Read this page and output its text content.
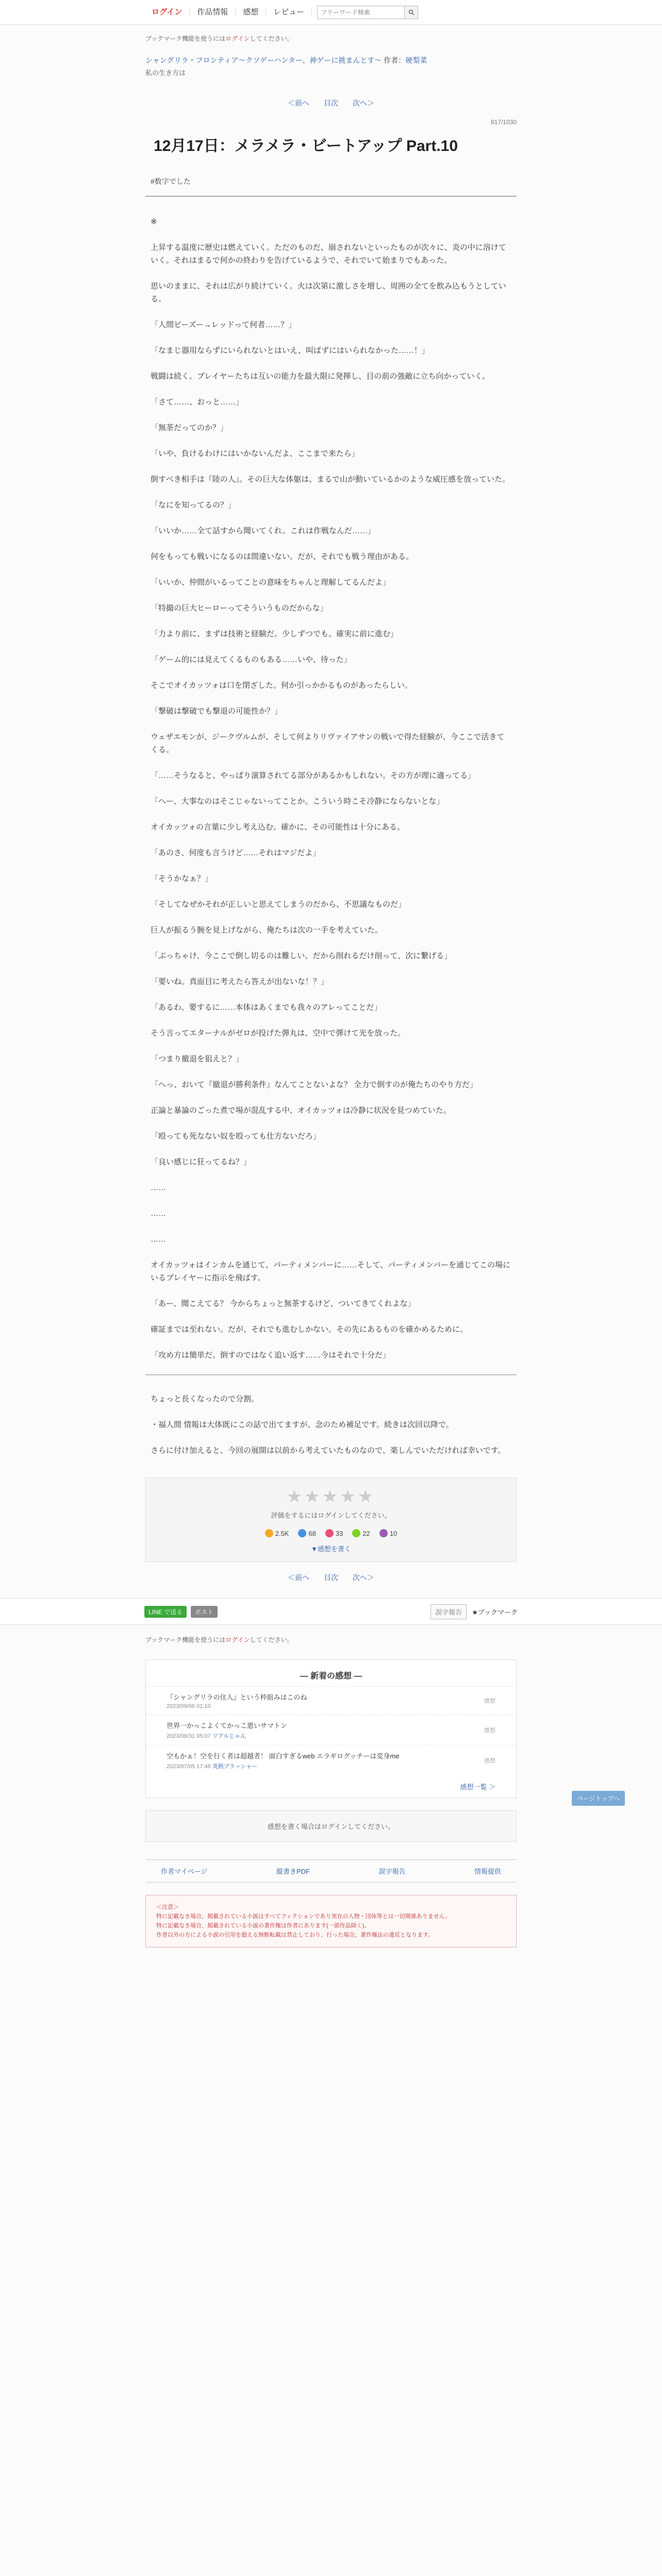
ログイン	作品情報	感想	レビュー
フリーワード検索
ブックマーク機能を使うにはログインしてください。
シャングリラ・フロンティア〜クソゲーハンター、神ゲーに挑まんとす〜 作者：硬梨菜
私の生き方は
＜前へ 目次 次へ＞
817/1030
12月17日：メラメラ・ビートアップ Part.10
#数字でした

※

上昇する温度に歴史は燃えていく。ただのものだ、崩されないといったものが次々に、炎の中に溶けていく。それはまるで何かの終わりを告げているようで、それでいて始まりでもあった。

思いのままに、それは広がり続けていく。火は次第に激しさを増し、周囲の全てを飲み込もうとしている。

「人間ビーズー→レッドって何者……？」

「なまじ器用ならずにいられないとはいえ、叫ばずにはいられなかった……！」

戦闘は続く。プレイヤーたちは互いの能力を最大限に発揮し、目の前の強敵に立ち向かっていく。

「さて……、おっと……」

「無茶だってのか？」

「いや、負けるわけにはいかないんだよ、ここまで来たら」

倒すべき相手は『陸の人』。その巨大な体躯は、まるで山が動いているかのような威圧感を放っていた。

「なにを知ってるの？」

「いいか……全て話すから聞いてくれ。これは作戦なんだ……」

何をもっても戦いになるのは間違いない。だが、それでも戦う理由がある。

「いいか、仲間がいるってことの意味をちゃんと理解してるんだよ」

「特撮の巨大ヒーローってそういうものだからな」

「力より前に、まずは技術と経験だ。少しずつでも、確実に前に進む」

「ゲーム的には見えてくるものもある……いや、待った」

そこでオイカッツォは口を閉ざした。何か引っかかるものがあったらしい。

「撃破は撃破でも撃退の可能性か？」

ウェザエモンが、ジークヴルムが、そして何よりリヴァイアサンの戦いで得た経験が、今ここで活きてくる。

「……そうなると、やっぱり演算されてる部分があるかもしれない。その方が理に適ってる」

「へー、大事なのはそこじゃないってことか。こういう時こそ冷静にならないとな」

オイカッツォの言葉に少し考え込む。確かに、その可能性は十分にある。

「あのさ、何度も言うけど……それはマジだよ」

「そうかなぁ？」

「そしてなぜかそれが正しいと思えてしまうのだから、不思議なものだ」

巨人が振るう腕を見上げながら、俺たちは次の一手を考えていた。

「ぶっちゃけ、今ここで倒し切るのは難しい。だから削れるだけ削って、次に繋げる」

「要いね。真面目に考えたら答えが出ないな！？」

「あるわ、要するに……本体はあくまでも我々のアレってことだ」

そう言ってエターナルがゼロが投げた弾丸は、空中で弾けて光を放った。

「つまり撤退を狙えと？」

「へっ、おいて『撤退が勝利条件』なんてことないよな？ 全力で倒すのが俺たちのやり方だ」

正論と暴論のごった煮で場が混乱する中、オイカッツォは冷静に状況を見つめていた。

「殴っても死なない奴を殴っても仕方ないだろ」

「良い感じに狂ってるね？」

……

……

……

オイカッツォはインカムを通じて、パーティメンバーに……そして、パーティメンバーを通じてこの場にいるプレイヤーに指示を飛ばす。

「あー、聞こえてる？ 今からちょっと無茶するけど、ついてきてくれよな」

確証までは至れない。だが、それでも進むしかない。その先にあるものを確かめるために。

「攻め方は簡単だ。倒すのではなく追い返す……今はそれで十分だ」

ちょっと長くなったので分割。

・福人間 情報は大体既にこの話で出てますが、念のため補足です。続きは次回以降で。

さらに付け加えると、今回の展開は以前から考えていたものなので、楽しんでいただければ幸いです。

★★★★★
評価をするにはログインしてください。
2.5K	68	33	22	10
▼感想を書く
＜前へ 目次 次へ＞
ページトップへ
LINE で送る	ポスト	誤字報告	★ブックマーク
ブックマーク機能を使うにはログインしてください。
― 新着の感想 ―
『シャングリラの住人』という枠組みはこのね
2023/09/06 01:10
感想
世界一かっこよくてかっこ悪いサマトン
2023/08/31 05:07 リアルじゃん
感想
空もかぁ！空を行く者は超越者！ 面白すぎるweb エラギログッチーは変身me
2023/07/05 17:48 炎熱ブラッシャー
感想
感想一覧 ＞
感想を書く場合はログインしてください。
作者マイページ	縦書きPDF	誤字報告	情報提供
＜注意＞
特に記載なき場合、掲載されている小説はすべてフィクションであり実在の人物・団体等とは一切関係ありません。
特に記載なき場合、掲載されている小説の著作権は作者にあります(一部作品除く)。
作者以外の方による小説の引用を超える無断転載は禁止しており、行った場合、著作権法の違反となります。
